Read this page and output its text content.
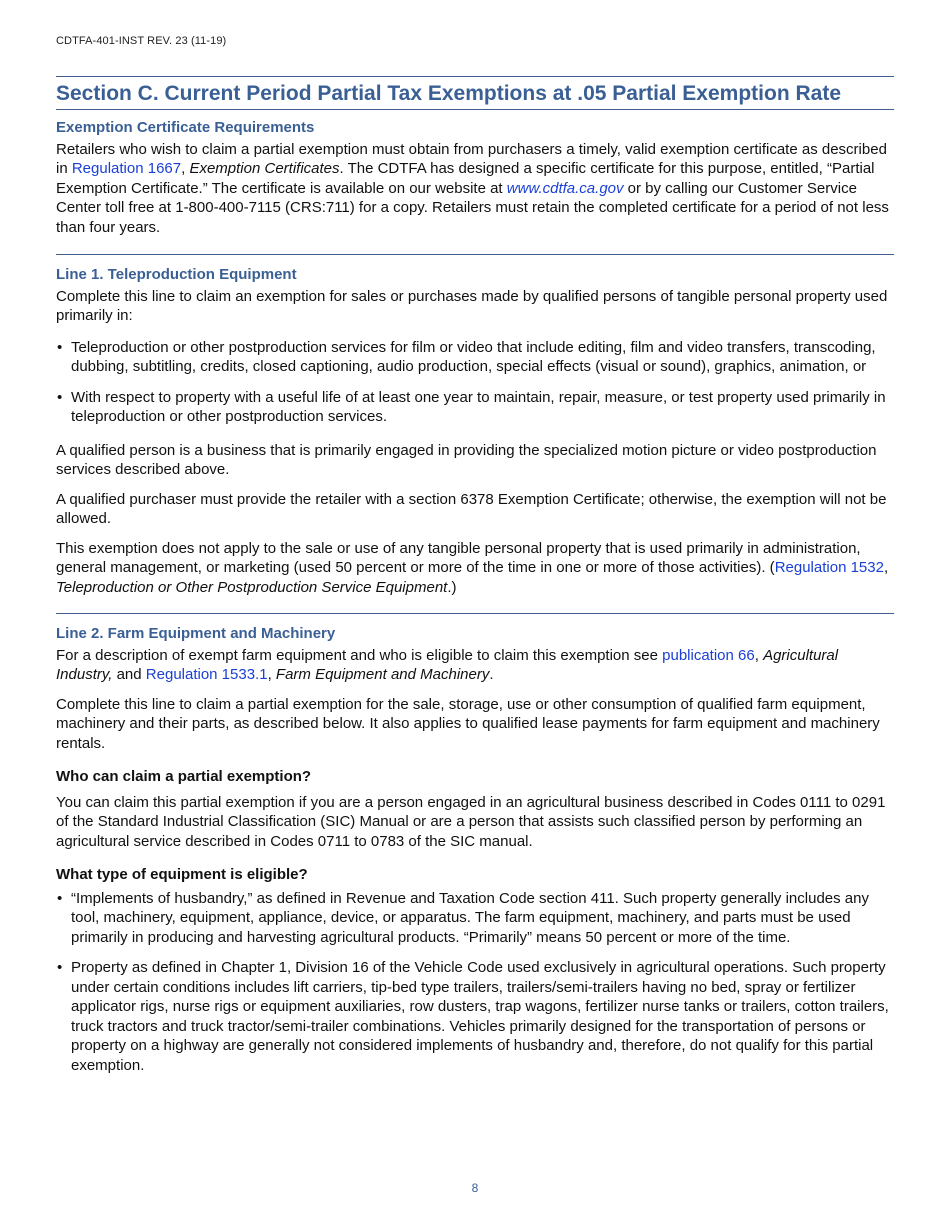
CDTFA-401-INST REV. 23 (11-19)
Section C. Current Period Partial Tax Exemptions at .05 Partial Exemption Rate
Exemption Certificate Requirements

Retailers who wish to claim a partial exemption must obtain from purchasers a timely, valid exemption certificate as described in Regulation 1667, Exemption Certificates. The CDTFA has designed a specific certificate for this purpose, entitled, “Partial Exemption Certificate.” The certificate is available on our website at www.cdtfa.ca.gov or by calling our Customer Service Center toll free at 1-800-400-7115 (CRS:711) for a copy. Retailers must retain the completed certificate for a period of not less than four years.

Line 1. Teleproduction Equipment

Complete this line to claim an exemption for sales or purchases made by qualified persons of tangible personal property used primarily in:

• Teleproduction or other postproduction services for film or video that include editing, film and video transfers, transcoding, dubbing, subtitling, credits, closed captioning, audio production, special effects (visual or sound), graphics, animation, or
• With respect to property with a useful life of at least one year to maintain, repair, measure, or test property used primarily in teleproduction or other postproduction services.

A qualified person is a business that is primarily engaged in providing the specialized motion picture or video postproduction services described above.

A qualified purchaser must provide the retailer with a section 6378 Exemption Certificate; otherwise, the exemption will not be allowed.

This exemption does not apply to the sale or use of any tangible personal property that is used primarily in administration, general management, or marketing (used 50 percent or more of the time in one or more of those activities). (Regulation 1532, Teleproduction or Other Postproduction Service Equipment.)

Line 2. Farm Equipment and Machinery

For a description of exempt farm equipment and who is eligible to claim this exemption see publication 66, Agricultural Industry, and Regulation 1533.1, Farm Equipment and Machinery.

Complete this line to claim a partial exemption for the sale, storage, use or other consumption of qualified farm equipment, machinery and their parts, as described below. It also applies to qualified lease payments for farm equipment and machinery rentals.

Who can claim a partial exemption?

You can claim this partial exemption if you are a person engaged in an agricultural business described in Codes 0111 to 0291 of the Standard Industrial Classification (SIC) Manual or are a person that assists such classified person by performing an agricultural service described in Codes 0711 to 0783 of the SIC manual.

What type of equipment is eligible?
• “Implements of husbandry,” as defined in Revenue and Taxation Code section 411. Such property generally includes any tool, machinery, equipment, appliance, device, or apparatus. The farm equipment, machinery, and parts must be used primarily in producing and harvesting agricultural products. “Primarily” means 50 percent or more of the time.
• Property as defined in Chapter 1, Division 16 of the Vehicle Code used exclusively in agricultural operations. Such property under certain conditions includes lift carriers, tip-bed type trailers, trailers/semi-trailers having no bed, spray or fertilizer applicator rigs, nurse rigs or equipment auxiliaries, row dusters, trap wagons, fertilizer nurse tanks or trailers, cotton trailers, truck tractors and truck tractor/semi-trailer combinations. Vehicles primarily designed for the transportation of persons or property on a highway are generally not considered implements of husbandry and, therefore, do not qualify for this partial exemption.
8
